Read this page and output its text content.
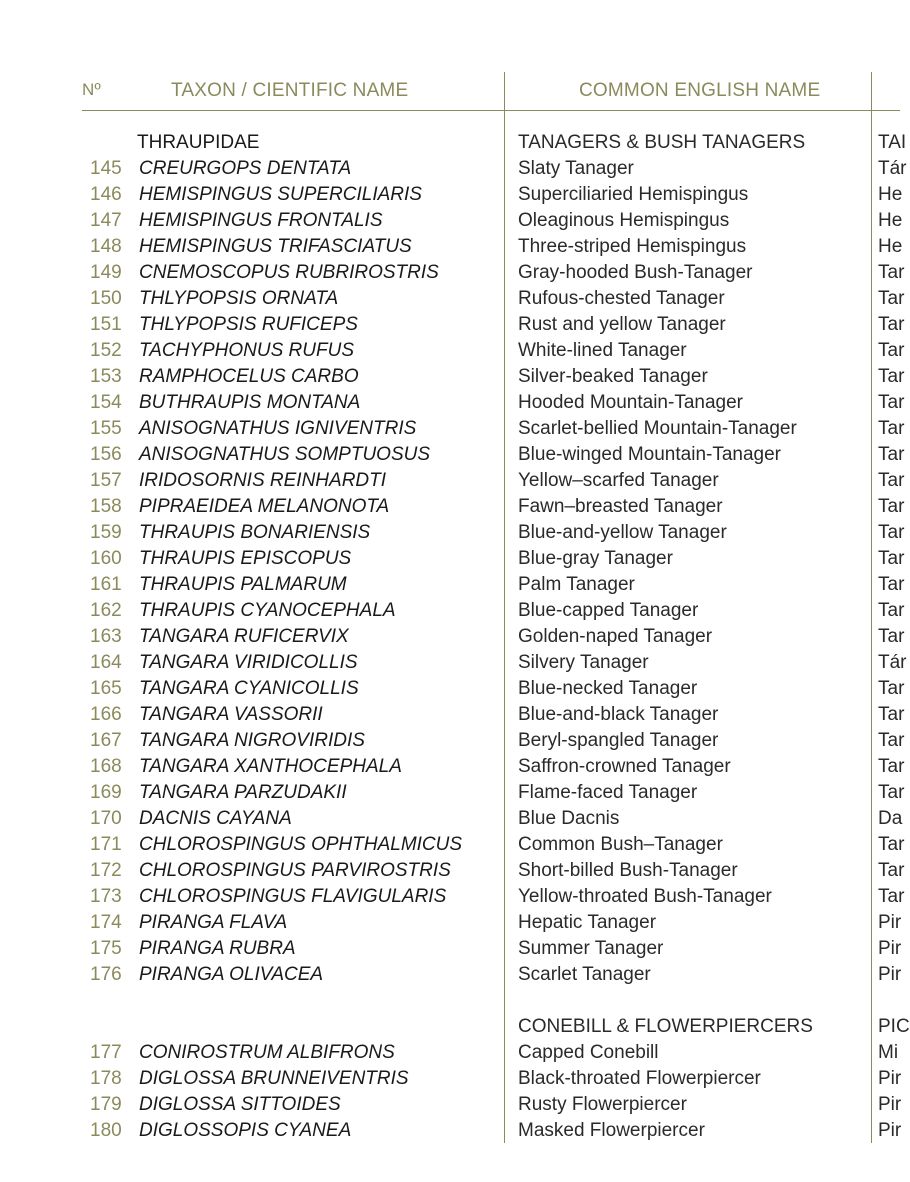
Nº	TAXON / CIENTIFIC NAME	COMMON ENGLISH NAME
THRAUPIDAE	TANAGERS & BUSH TANAGERS	TAI
145 CREURGOPS DENTATA	Slaty Tanager	Tár
146 HEMISPINGUS SUPERCILIARIS	Superciliaried Hemispingus	He
147 HEMISPINGUS FRONTALIS	Oleaginous Hemispingus	He
148 HEMISPINGUS TRIFASCIATUS	Three-striped Hemispingus	He
149 CNEMOSCOPUS RUBRIROSTRIS	Gray-hooded Bush-Tanager	Tar
150 THLYPOPSIS ORNATA	Rufous-chested Tanager	Tar
151 THLYPOPSIS RUFICEPS	Rust and yellow Tanager	Tar
152 TACHYPHONUS RUFUS	White-lined Tanager	Tar
153 RAMPHOCELUS CARBO	Silver-beaked Tanager	Tar
154 BUTHRAUPIS MONTANA	Hooded Mountain-Tanager	Tar
155 ANISOGNATHUS IGNIVENTRIS	Scarlet-bellied Mountain-Tanager	Tar
156 ANISOGNATHUS SOMPTUOSUS	Blue-winged Mountain-Tanager	Tar
157 IRIDOSORNIS REINHARDTI	Yellow–scarfed Tanager	Tar
158 PIPRAEIDEA MELANONOTA	Fawn–breasted Tanager	Tar
159 THRAUPIS BONARIENSIS	Blue-and-yellow Tanager	Tar
160 THRAUPIS EPISCOPUS	Blue-gray Tanager	Tar
161 THRAUPIS PALMARUM	Palm Tanager	Tar
162 THRAUPIS CYANOCEPHALA	Blue-capped Tanager	Tar
163 TANGARA RUFICERVIX	Golden-naped Tanager	Tar
164 TANGARA VIRIDICOLLIS	Silvery Tanager	Tár
165 TANGARA CYANICOLLIS	Blue-necked Tanager	Tar
166 TANGARA VASSORII	Blue-and-black Tanager	Tar
167 TANGARA NIGROVIRIDIS	Beryl-spangled Tanager	Tar
168 TANGARA XANTHOCEPHALA	Saffron-crowned Tanager	Tar
169 TANGARA PARZUDAKII	Flame-faced Tanager	Tar
170 DACNIS CAYANA	Blue Dacnis	Da
171 CHLOROSPINGUS OPHTHALMICUS	Common Bush–Tanager	Tar
172 CHLOROSPINGUS PARVIROSTRIS	Short-billed Bush-Tanager	Tar
173 CHLOROSPINGUS FLAVIGULARIS	Yellow-throated Bush-Tanager	Tar
174 PIRANGA FLAVA	Hepatic Tanager	Pir
175 PIRANGA RUBRA	Summer Tanager	Pir
176 PIRANGA OLIVACEA	Scarlet Tanager	Pir
CONEBILL & FLOWERPIERCERS	PIC
177 CONIROSTRUM ALBIFRONS	Capped Conebill	Mi
178 DIGLOSSA BRUNNEIVENTRIS	Black-throated Flowerpiercer	Pir
179 DIGLOSSA SITTOIDES	Rusty Flowerpiercer	Pir
180 DIGLOSSOPIS CYANEA	Masked Flowerpiercer	Pir
